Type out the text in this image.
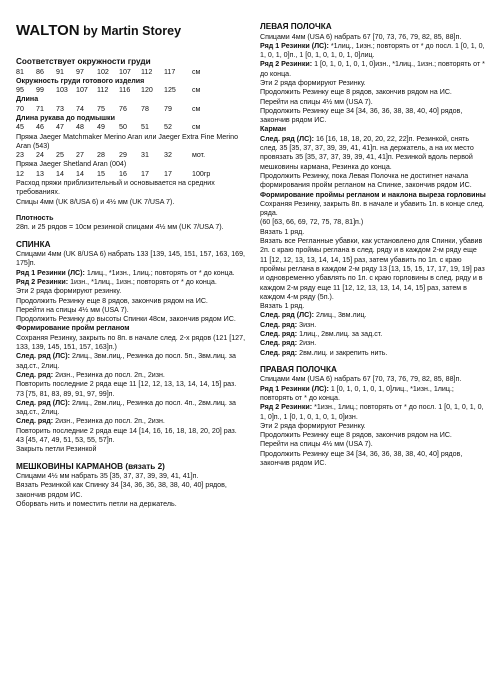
WALTON by Martin Storey

Соответствует окружности груди

81	86	91	97	102	107	112	117	см

Окружность груди готового изделия

95	99	103	107	112	116	120	125	см

Длина

70	71	73	74	75	76	78	79	см

Длина рукава до подмышки

45	46	47	48	49	50	51	52	см

Пряжа Jaeger Matchmaker Merino Aran или Jaeger Extra Fine Merino Aran (543)

23	24	25	27	28	29	31	32	мот.

Пряжа Jaeger Shetland Aran (004)

12	13	14	14	15	16	17	17	100гр

Расход пряжи приблизительный и основывается на средних требованиях.

Спицы 4мм (UK 8/USA 6) и 4½ мм (UK 7/USA 7).

Плотность

28п. и 25 рядов = 10см резинкой спицами 4½ мм (UK 7/USA 7).

СПИНКА

Спицами 4мм (UK 8/USA 6) набрать 133 [139, 145, 151, 157, 163, 169, 175]п.

Ряд 1 Резинки (ЛС): 1лиц., *1изн., 1лиц.; повторять от * до конца.

Ряд 2 Резинки: 1изн., *1лиц., 1изн.; повторять от * до конца.

Эти 2 ряда формируют резинку.

Продолжить Резинку еще 8 рядов, закончив рядом на ИС.

Перейти на спицы 4½ мм (USA 7).

Продолжить Резинку до высоты Спинки 48см, закончив рядом ИС.

Формирование пройм регланом

Сохраняя Резинку, закрыть по 8п. в начале след. 2-х рядов (121 [127, 133, 139, 145, 151, 157, 163]п.)

След. ряд (ЛС): 2лиц., 3вм.лиц., Резинка до посл. 5п., 3вм.лиц. за зад.ст., 2лиц.

След. ряд: 2изн., Резинка до посл. 2п., 2изн.

Повторить последние 2 ряда еще 11 [12, 12, 13, 13, 14, 14, 15] раз.

73 [75, 81, 83, 89, 91, 97, 99]п.

След. ряд (ЛС): 2лиц., 2вм.лиц., Резинка до посл. 4п., 2вм.лиц. за зад.ст., 2лиц.

След. ряд: 2изн., Резинка до посл. 2п., 2изн.

Повторить последние 2 ряда еще 14 [14, 16, 16, 18, 18, 20, 20] раз.

43 [45, 47, 49, 51, 53, 55, 57]п.

Закрыть петли Резинкой

МЕШКОВИНЫ КАРМАНОВ (вязать 2)

Спицами 4½ мм набрать 35 [35, 37, 37, 39, 39, 41, 41]п.

Вязать Резинкой как Спинку 34 [34, 36, 36, 38, 38, 40, 40] рядов, закончив рядом ИС.

Оборвать нить и поместить петли на держатель.

ЛЕВАЯ ПОЛОЧКА

Спицами 4мм (USA 6) набрать 67 [70, 73, 76, 79, 82, 85, 88]п.

Ряд 1 Резинки (ЛС): *1лиц., 1изн.; повторять от * до посл. 1 [0, 1, 0, 1, 0, 1, 0]п., 1 [0, 1, 0, 1, 0, 1, 0]лиц.

Ряд 2 Резинки: 1 [0, 1, 0, 1, 0, 1, 0]изн., *1лиц., 1изн.; повторять от * до конца.

Эти 2 ряда формируют Резинку.

Продолжить Резинку еще 8 рядов, закончив рядом на ИС.

Перейти на спицы 4½ мм (USA 7).

Продолжить Резинку еще 34 [34, 36, 36, 38, 38, 40, 40] рядов, закончив рядом ИС.

Карман

След. ряд (ЛС): 16 [16, 18, 18, 20, 20, 22, 22]п. Резинкой, снять след. 35 [35, 37, 37, 39, 39, 41, 41]п. на держатель, а на их место провязать 35 [35, 37, 37, 39, 39, 41, 41]п. Резинкой вдоль первой мешковины кармана, Резинка до конца.

Продолжить Резинку, пока Левая Полочка не достигнет начала формирования пройм регланом на Спинке, закончив рядом ИС.

Формирование проймы регланом и наклона выреза горловины

Сохраняя Резинку, закрыть 8п. в начале и убавить 1п. в конце след. ряда.

(60 [63, 66, 69, 72, 75, 78, 81]п.)

Вязать 1 ряд.

Вязать все Регланные убавки, как установлено для Спинки, убавив 2п. с краю проймы реглана в след. ряду и в каждом 2-м ряду еще 11 [12, 12, 13, 13, 14, 14, 15] раз, затем убавить по 1п. с краю проймы реглана в каждом 2-м ряду 13 [13, 15, 15, 17, 17, 19, 19] раз и одновременно убавлять по 1п. с краю горловины в след. ряду и в каждом 2-м ряду еще 11 [12, 12, 13, 13, 14, 14, 15] раз, затем в каждом 4-м ряду (5п.).

Вязать 1 ряд.

След. ряд (ЛС): 2лиц., 3вм.лиц.

След. ряд: 3изн.

След. ряд: 1лиц., 2вм.лиц. за зад.ст.

След. ряд: 2изн.

След. ряд: 2вм.лиц. и закрепить нить.

ПРАВАЯ ПОЛОЧКА

Спицами 4мм (USA 6) набрать 67 [70, 73, 76, 79, 82, 85, 88]п.

Ряд 1 Резинки (ЛС): 1 [0, 1, 0, 1, 0, 1, 0]лиц., *1изн., 1лиц.; повторять от * до конца.

Ряд 2 Резинки: *1изн., 1лиц.; повторять от * до посл. 1 [0, 1, 0, 1, 0, 1, 0]п., 1 [0, 1, 0, 1, 0, 1, 0]изн.

Эти 2 ряда формируют Резинку.

Продолжить Резинку еще 8 рядов, закончив рядом на ИС.

Перейти на спицы 4½ мм (USA 7).

Продолжить Резинку еще 34 [34, 36, 36, 38, 38, 40, 40] рядов, закончив рядом ИС.
